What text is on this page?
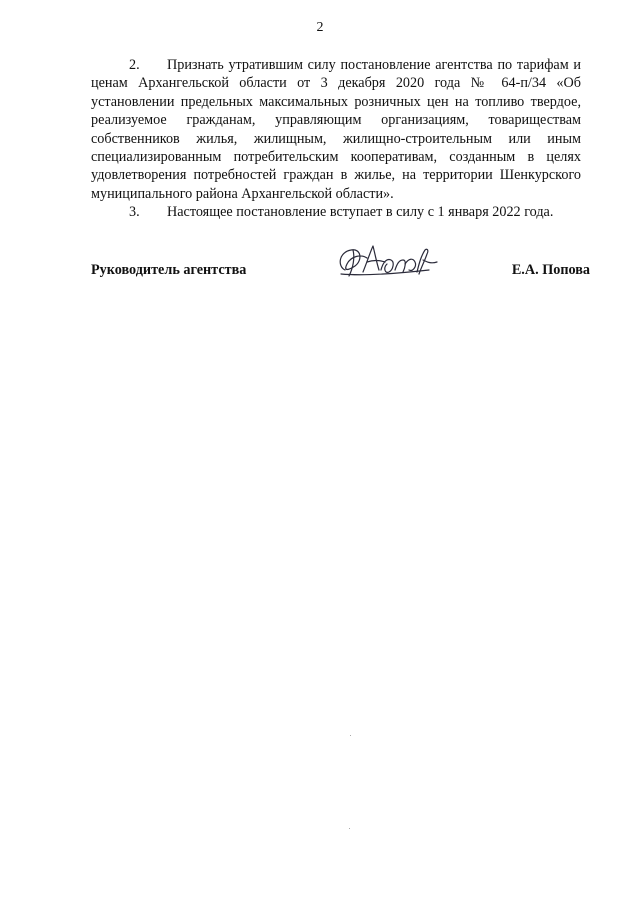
2

2. Признать утратившим силу постановление агентства по тарифам и ценам Архангельской области от 3 декабря 2020 года № 64-п/34 «Об установлении предельных максимальных розничных цен на топливо твердое, реализуемое гражданам, управляющим организациям, товариществам собственников жилья, жилищным, жилищно-строительным или иным специализированным потребительским кооперативам, созданным в целях удовлетворения потребностей граждан в жилье, на территории Шенкурского муниципального района Архангельской области».

3. Настоящее постановление вступает в силу с 1 января 2022 года.

Руководитель агентства	Е.А. Попова
